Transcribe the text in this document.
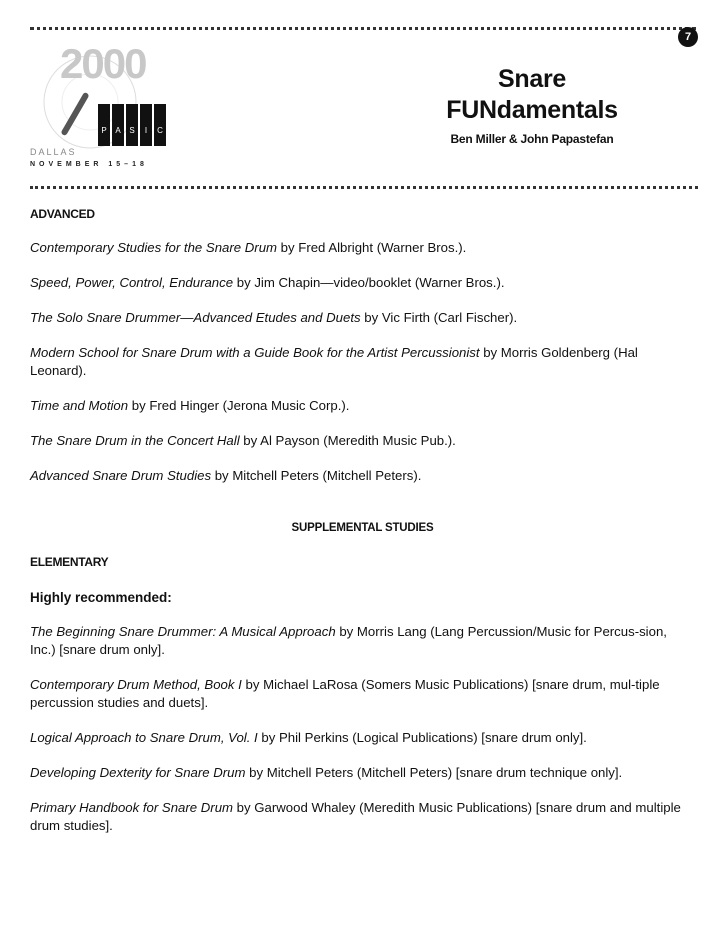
7
2000
P	A	S	I	C
DALLAS
NOVEMBER 15–18
Snare
FUNdamentals
Ben Miller & John Papastefan

ADVANCED

Contemporary Studies for the Snare Drum by Fred Albright (Warner Bros.).

Speed, Power, Control, Endurance by Jim Chapin—video/booklet (Warner Bros.).

The Solo Snare Drummer—Advanced Etudes and Duets by Vic Firth (Carl Fischer).

Modern School for Snare Drum with a Guide Book for the Artist Percussionist by Morris Goldenberg (Hal Leonard).

Time and Motion by Fred Hinger (Jerona Music Corp.).

The Snare Drum in the Concert Hall by Al Payson (Meredith Music Pub.).

Advanced Snare Drum Studies by Mitchell Peters (Mitchell Peters).

SUPPLEMENTAL STUDIES

ELEMENTARY

Highly recommended:

The Beginning Snare Drummer: A Musical Approach by Morris Lang (Lang Percussion/Music for Percus-sion, Inc.) [snare drum only].

Contemporary Drum Method, Book I by Michael LaRosa (Somers Music Publications) [snare drum, mul-tiple percussion studies and duets].

Logical Approach to Snare Drum, Vol. I by Phil Perkins (Logical Publications) [snare drum only].

Developing Dexterity for Snare Drum by Mitchell Peters (Mitchell Peters) [snare drum technique only].

Primary Handbook for Snare Drum by Garwood Whaley (Meredith Music Publications) [snare drum and multiple drum studies].
